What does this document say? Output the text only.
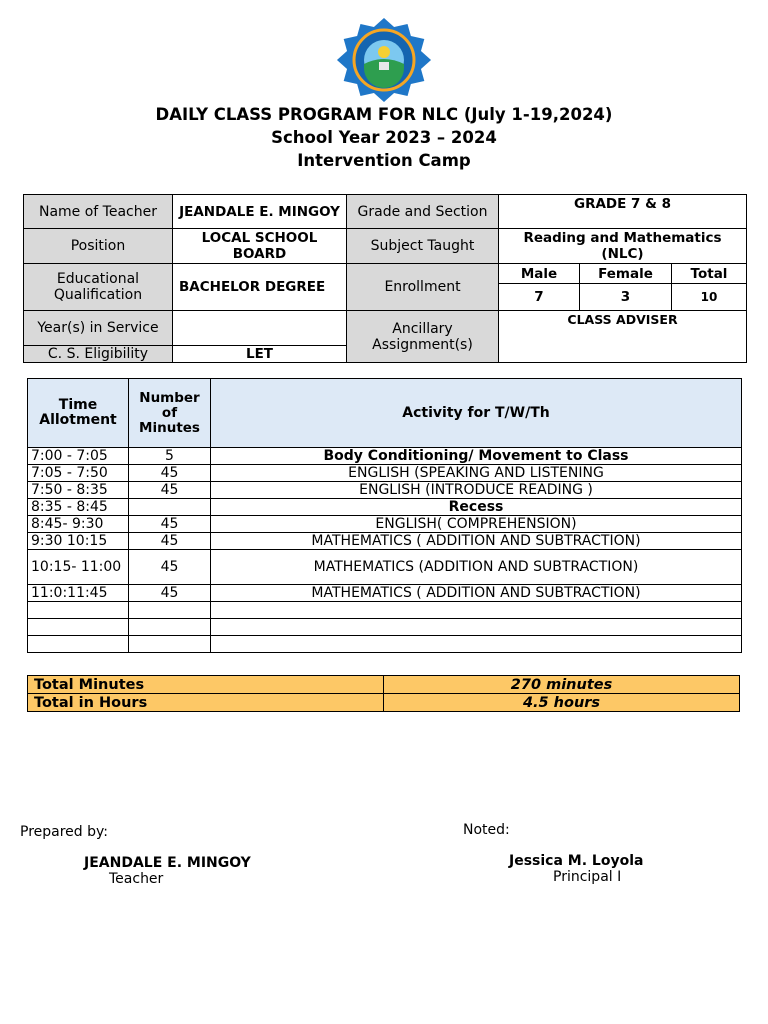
DAILY CLASS PROGRAM FOR NLC (July 1-19,2024)
School Year 2023 – 2024
Intervention Camp
Name of Teacher	JEANDALE E. MINGOY	Grade and Section	GRADE 7 & 8		
Position	LOCAL SCHOOL BOARD	Subject Taught	Reading and Mathematics (NLC)		
Educational Qualification	BACHELOR DEGREE	Enrollment	Male	Female	Total
			7	3	10
Year(s) in Service		Ancillary Assignment(s)	CLASS ADVISER		
C. S. Eligibility	LET				
Time Allotment	Number of Minutes	Activity for T/W/Th
7:00 - 7:05	5	Body Conditioning/ Movement to Class
7:05 - 7:50	45	ENGLISH (SPEAKING AND LISTENING
7:50 - 8:35	45	ENGLISH (INTRODUCE READING )
8:35 - 8:45		Recess
8:45- 9:30	45	ENGLISH( COMPREHENSION)
9:30 10:15	45	MATHEMATICS ( ADDITION AND SUBTRACTION)
10:15- 11:00	45	MATHEMATICS (ADDITION AND SUBTRACTION)
11:0:11:45	45	MATHEMATICS ( ADDITION AND SUBTRACTION)

Total Minutes	270 minutes
Total in Hours	4.5 hours
Prepared by:
JEANDALE E. MINGOY
Teacher
Noted:
Jessica M. Loyola
Principal I
